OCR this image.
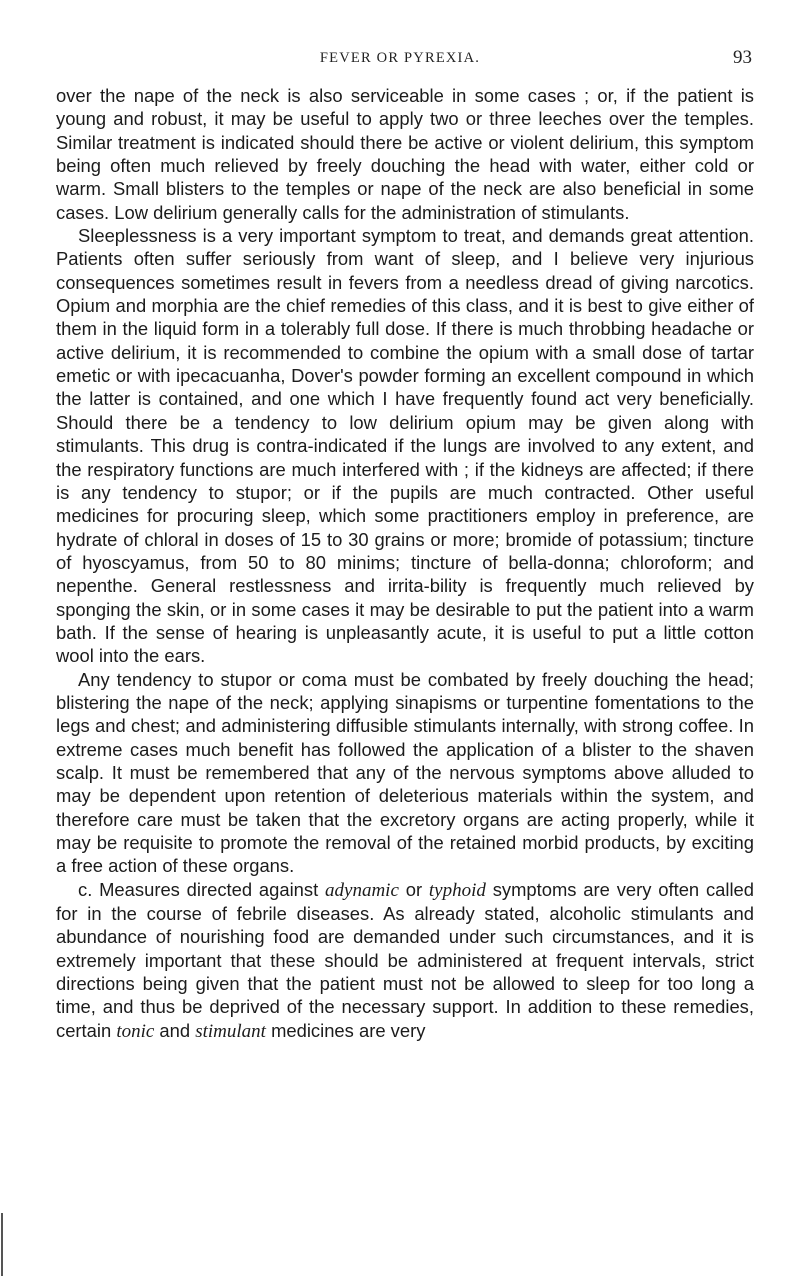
FEVER OR PYREXIA.	93

over the nape of the neck is also serviceable in some cases ; or, if the patient is young and robust, it may be useful to apply two or three leeches over the temples. Similar treatment is indicated should there be active or violent delirium, this symptom being often much relieved by freely douching the head with water, either cold or warm. Small blisters to the temples or nape of the neck are also beneficial in some cases. Low delirium generally calls for the administration of stimulants.

Sleeplessness is a very important symptom to treat, and demands great attention. Patients often suffer seriously from want of sleep, and I believe very injurious consequences sometimes result in fevers from a needless dread of giving narcotics. Opium and morphia are the chief remedies of this class, and it is best to give either of them in the liquid form in a tolerably full dose. If there is much throbbing headache or active delirium, it is recommended to combine the opium with a small dose of tartar emetic or with ipecacuanha, Dover's powder forming an excellent compound in which the latter is contained, and one which I have frequently found act very beneficially. Should there be a tendency to low delirium opium may be given along with stimulants. This drug is contra-indicated if the lungs are involved to any extent, and the respiratory functions are much interfered with ; if the kidneys are affected; if there is any tendency to stupor; or if the pupils are much contracted. Other useful medicines for procuring sleep, which some practitioners employ in preference, are hydrate of chloral in doses of 15 to 30 grains or more; bromide of potassium; tincture of hyoscyamus, from 50 to 80 minims; tincture of bella-donna; chloroform; and nepenthe. General restlessness and irrita-bility is frequently much relieved by sponging the skin, or in some cases it may be desirable to put the patient into a warm bath. If the sense of hearing is unpleasantly acute, it is useful to put a little cotton wool into the ears.

Any tendency to stupor or coma must be combated by freely douching the head; blistering the nape of the neck; applying sinapisms or turpentine fomentations to the legs and chest; and administering diffusible stimulants internally, with strong coffee. In extreme cases much benefit has followed the application of a blister to the shaven scalp. It must be remembered that any of the nervous symptoms above alluded to may be dependent upon retention of deleterious materials within the system, and therefore care must be taken that the excretory organs are acting properly, while it may be requisite to promote the removal of the retained morbid products, by exciting a free action of these organs.

c. Measures directed against adynamic or typhoid symptoms are very often called for in the course of febrile diseases. As already stated, alcoholic stimulants and abundance of nourishing food are demanded under such circumstances, and it is extremely important that these should be administered at frequent intervals, strict directions being given that the patient must not be allowed to sleep for too long a time, and thus be deprived of the necessary support. In addition to these remedies, certain tonic and stimulant medicines are very
